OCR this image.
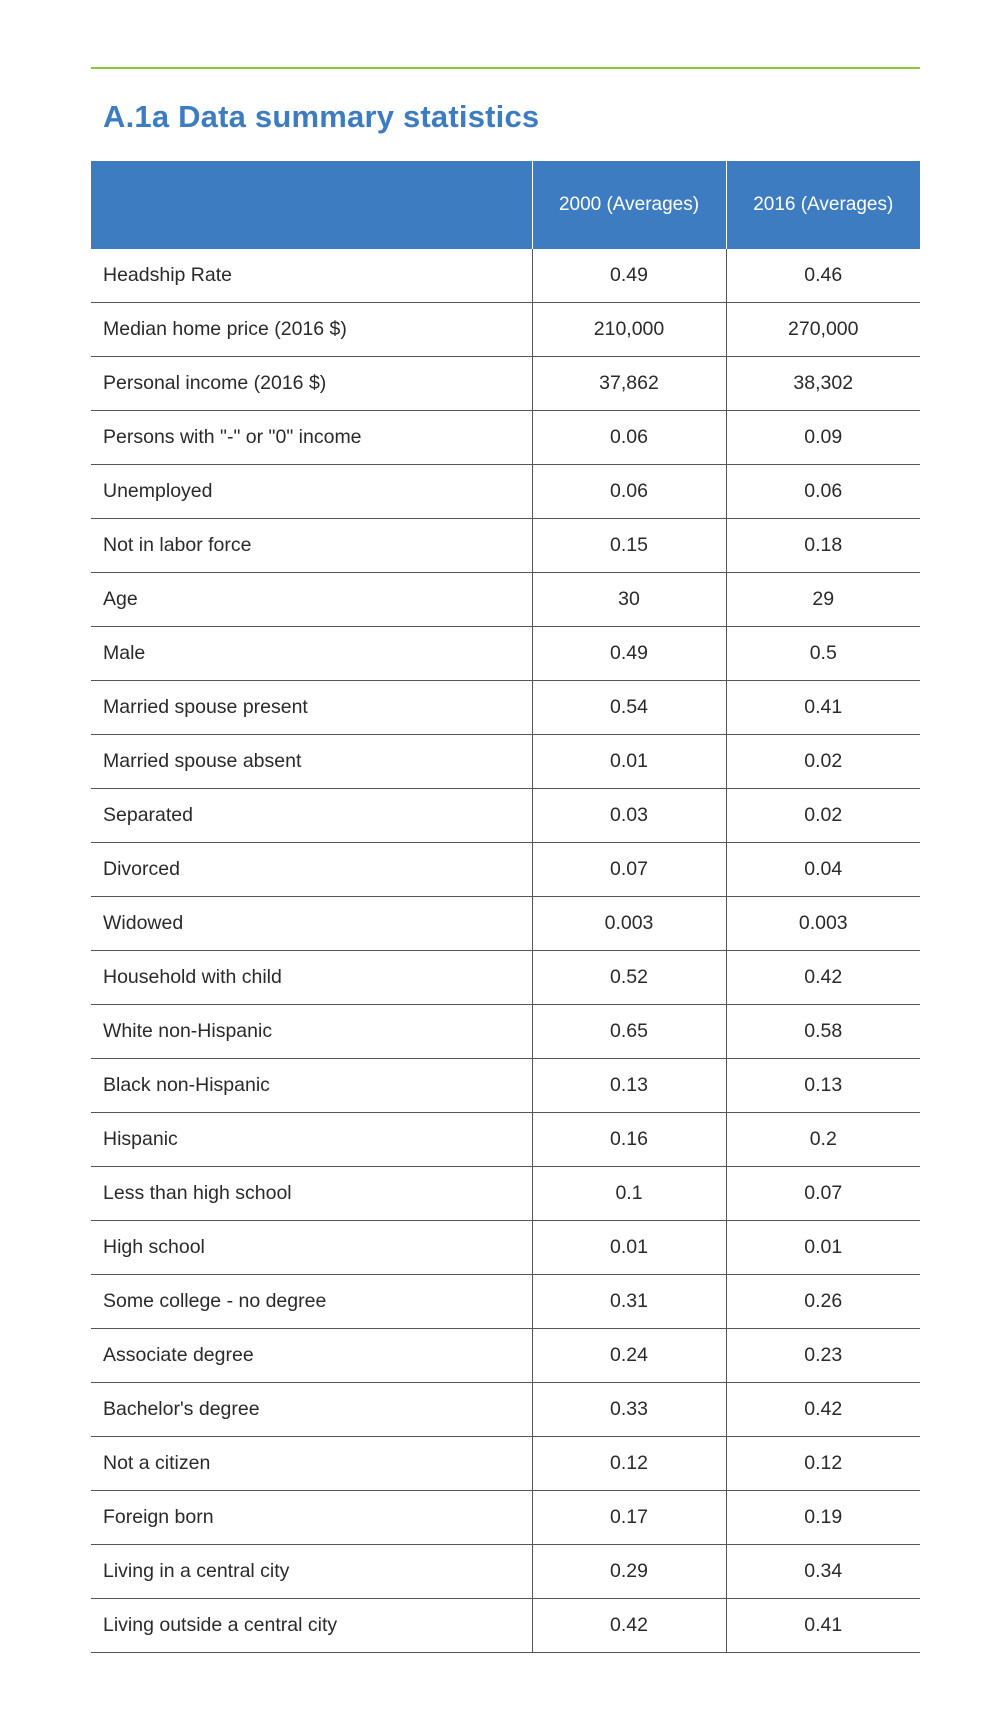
A.1a Data summary statistics
	2000 (Averages)	2016 (Averages)
Headship Rate	0.49	0.46
Median home price (2016 $)	210,000	270,000
Personal income (2016 $)	37,862	38,302
Persons with "-" or "0" income	0.06	0.09
Unemployed	0.06	0.06
Not in labor force	0.15	0.18
Age	30	29
Male	0.49	0.5
Married spouse present	0.54	0.41
Married spouse absent	0.01	0.02
Separated	0.03	0.02
Divorced	0.07	0.04
Widowed	0.003	0.003
Household with child	0.52	0.42
White non-Hispanic	0.65	0.58
Black non-Hispanic	0.13	0.13
Hispanic	0.16	0.2
Less than high school	0.1	0.07
High school	0.01	0.01
Some college - no degree	0.31	0.26
Associate degree	0.24	0.23
Bachelor's degree	0.33	0.42
Not a citizen	0.12	0.12
Foreign born	0.17	0.19
Living in a central city	0.29	0.34
Living outside a central city	0.42	0.41
